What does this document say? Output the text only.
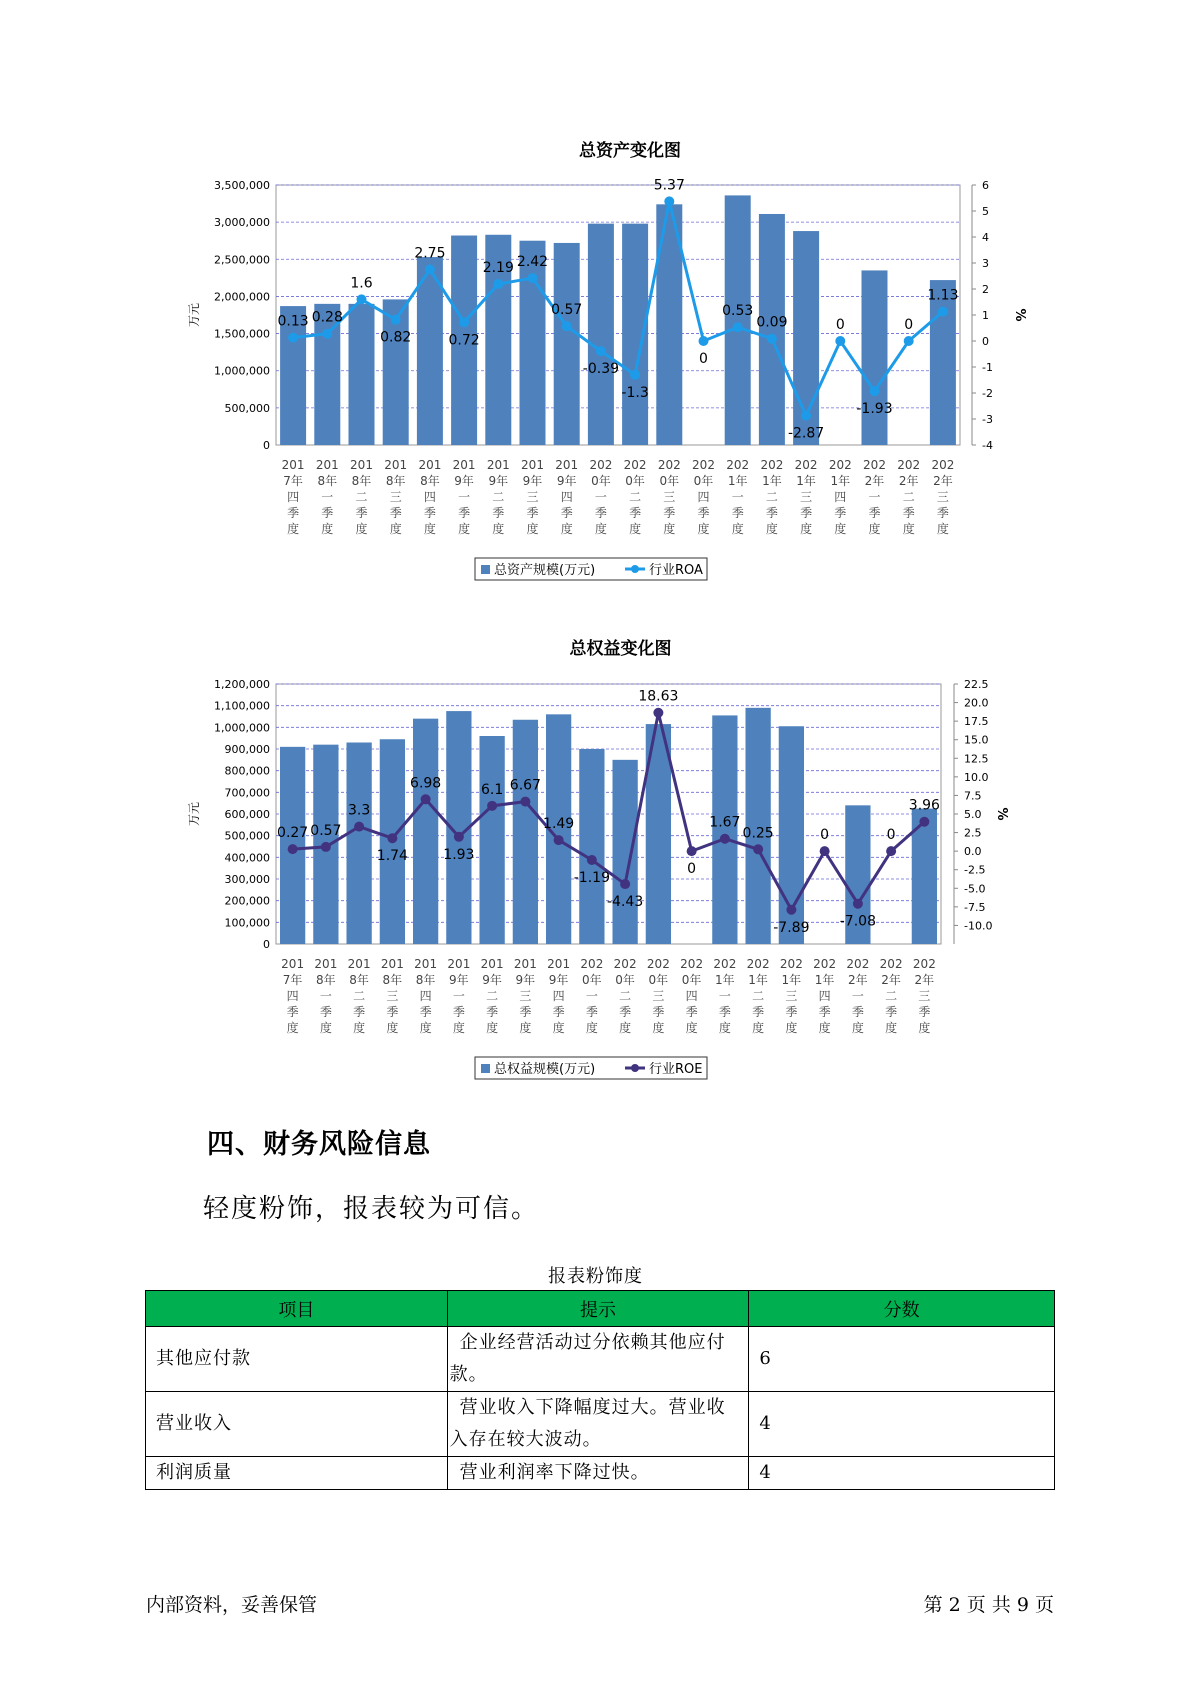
总资产变化图
0
500,000
1,000,000
1,500,000
2,000,000
2,500,000
3,000,000
3,500,000
-4
-3
-2
-1
0
1
2
3
4
5
6
万元	%
0.13 0.28
1.6
0.82
2.75
0.72
2.19 2.42
0.57
-0.39
-1.3
5.37
0
0.53
0.09
-2.87
0
-1.93
0
1.13
201
7年
四
季
度
201
8年
一
季
度
201
8年
二
季
度
201
8年
三
季
度
201
8年
四
季
度
201
9年
一
季
度
201
9年
二
季
度
201
9年
三
季
度
201
9年
四
季
度
202
0年
一
季
度
202
0年
二
季
度
202
0年
三
季
度
202
0年
四
季
度
202
1年
一
季
度
202
1年
二
季
度
202
1年
三
季
度
202
1年
四
季
度
202
2年
一
季
度
202
2年
二
季
度
202
2年
三
季
度
总资产规模(万元)	行业ROA
总权益变化图
0
100,000
200,000
300,000
400,000
500,000
600,000
700,000
800,000
900,000
1,000,000
1,100,000
1,200,000
-10.0
-7.5
-5.0
-2.5
0.0
2.5
5.0
7.5
10.0
12.5
15.0
17.5
20.0
22.5
万元	%
0.27 0.57
3.3
1.74
6.98
1.93
6.1 6.67
1.49
-1.19
-4.43
18.63
0
1.67
0.25
-7.89
0
-7.08
0
3.96
201
7年
四
季
度
201
8年
一
季
度
201
8年
二
季
度
201
8年
三
季
度
201
8年
四
季
度
201
9年
一
季
度
201
9年
二
季
度
201
9年
三
季
度
201
9年
四
季
度
202
0年
一
季
度
202
0年
二
季
度
202
0年
三
季
度
202
0年
四
季
度
202
1年
一
季
度
202
1年
二
季
度
202
1年
三
季
度
202
1年
四
季
度
202
2年
一
季
度
202
2年
二
季
度
202
2年
三
季
度
总权益规模(万元)	行业ROE
四、财务风险信息
轻度粉饰，报表较为可信。
报表粉饰度
项目	提示	分数
其他应付款	企业经营活动过分依赖其他应付款。	6
营业收入	营业收入下降幅度过大。营业收入存在较大波动。	4
利润质量	营业利润率下降过快。	4
内部资料，妥善保管	第 2 页 共 9 页
